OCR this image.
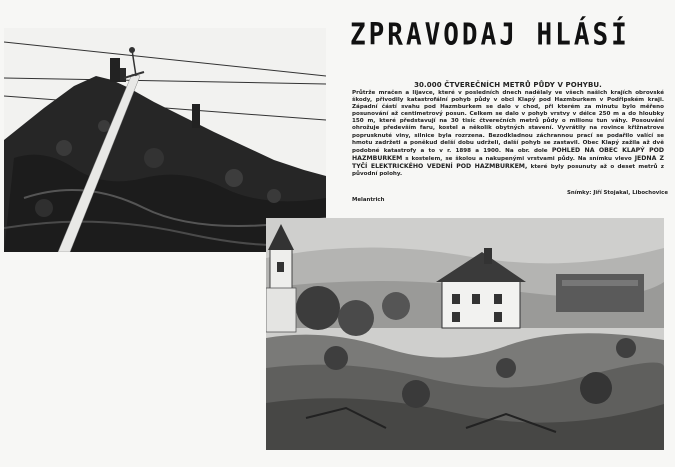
ZPRAVODAJ HLÁSÍ

30.000 ČTVEREČNÍCH METRŮ PŮDY V POHYBU.

Průtrže mračen a lijavce, které v posledních dnech nadělaly ve všech našich krajích obrovské škody, přivodily katastrofální pohyb půdy v obci Klapý pod Hazmburkem v Podřipském kraji. Západní částí svahu pod Hazmburkem se dalo v chod, při kterém za minutu bylo měřeno posunování až centimetrový posun. Celkem se dalo v pohyb vrstvy v délce 250 m a do hloubky 150 m, které představují na 30 tisíc čtverečních metrů půdy o milionu tun váhy. Posouvání ohrožuje především faru, kostel a několik obytných stavení. Vyvrátily na rovince křižnatrove poprusknuté viny, silnice byla rozrzena. Bezodkladnou záchrannou prací se podařilo valící se hmotu zadržeti a poněkud delší dobu udrželi, další pohyb se zastavil. Obec Klapý zažila až dvě podobné katastrofy a to v r. 1898 a 1900. Na obr. dole POHLED NA OBEC KLAPÝ POD HAZMBURKEM s kostelem, se školou a nakupenými vrstvami půdy. Na snímku vlevo JEDNA Z TYČÍ ELEKTRICKÉHO VEDENÍ POD HAZMBURKEM, které byly posunuty až o deset metrů z původní polohy.

Snímky: Jiří Stojakal, Libochovice
Melantrich
